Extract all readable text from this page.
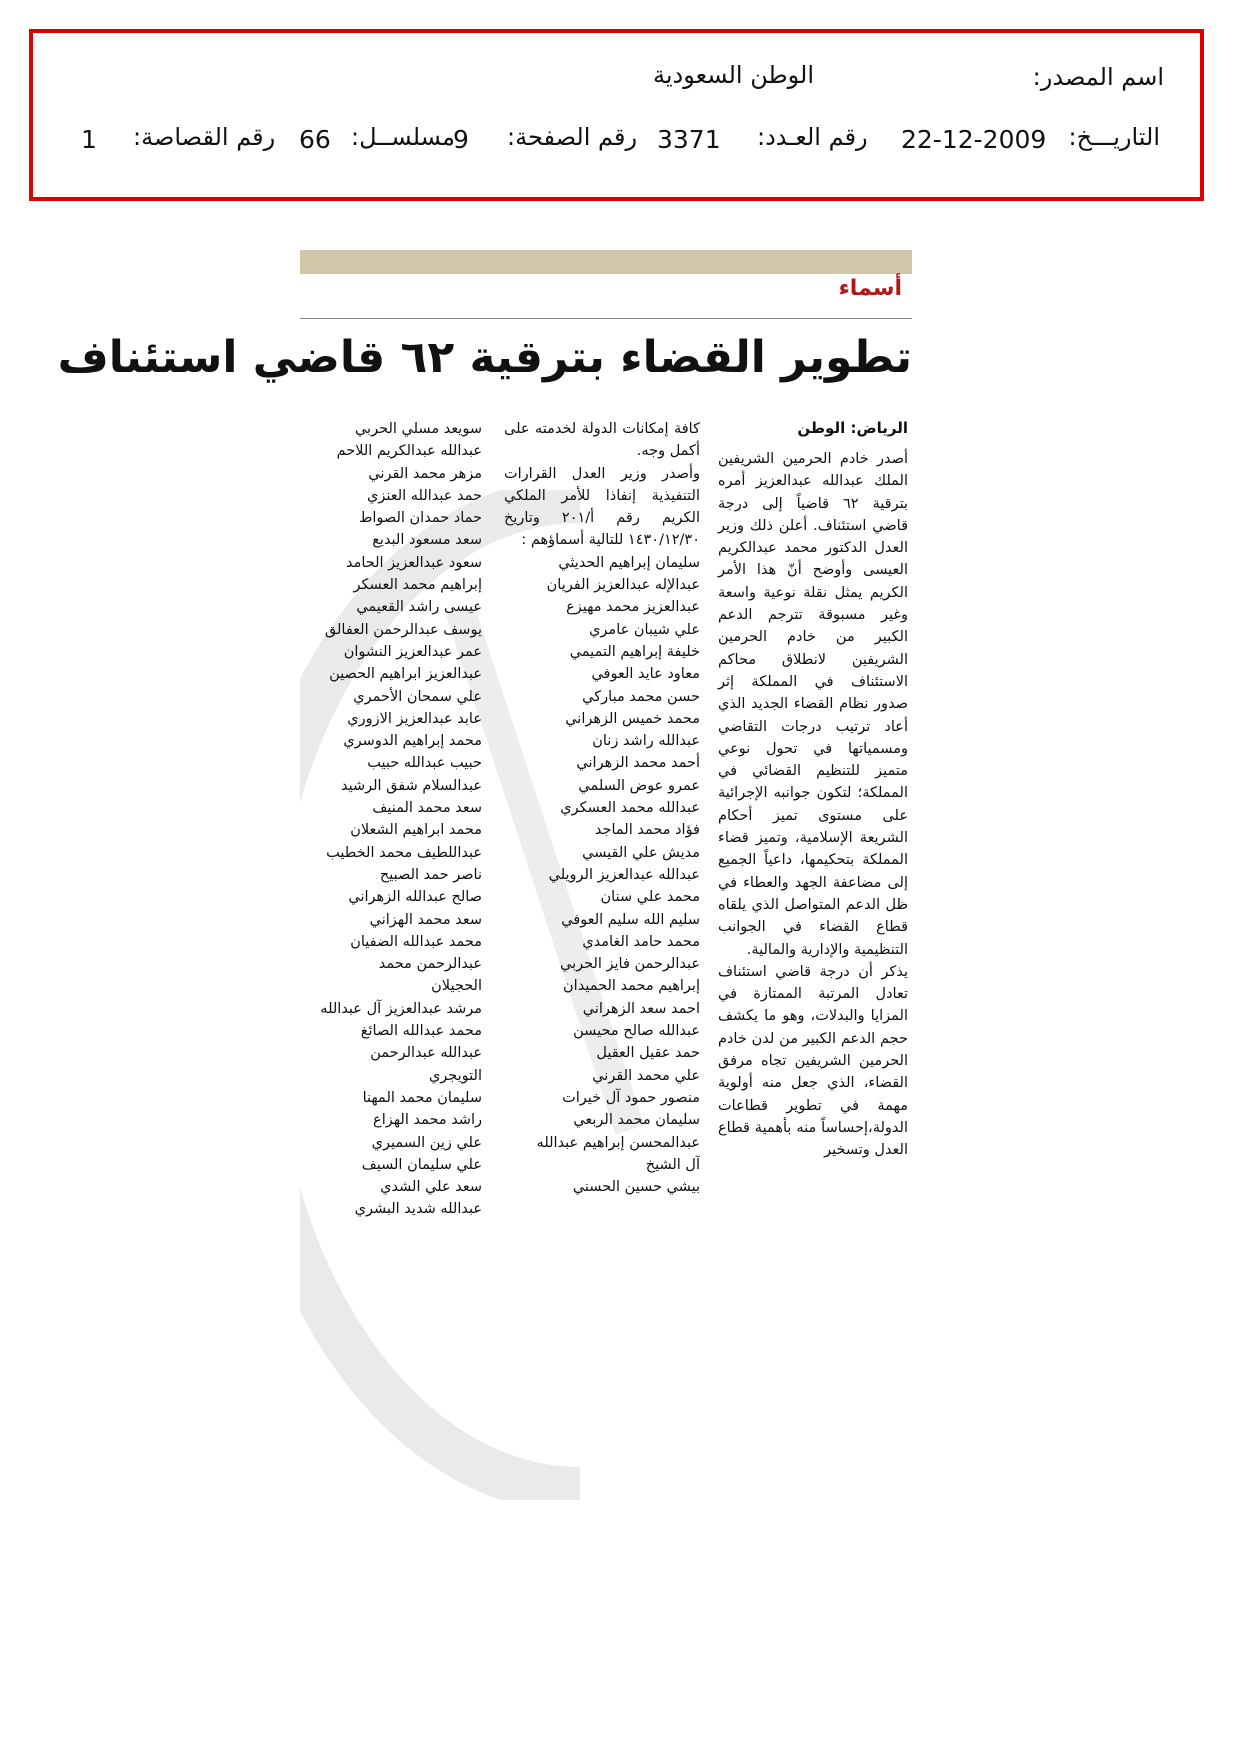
اسم المصدر:
الوطن السعودية
التاريـــخ:
22-12-2009
رقم العـدد:
3371
رقم الصفحة:
9
مسلســل:
66
رقم القصاصة:
1
أسماء
تطوير القضاء بترقية ٦٢ قاضي استئناف
الرياض: الوطن
أصدر خادم الحرمين الشريفين الملك عبدالله عبدالعزيز أمره بترقية ٦٢ قاضياً إلى درجة قاضي استئناف. أعلن ذلك وزير العدل الدكتور محمد عبدالكريم العيسى وأوضح أنّ هذا الأمر الكريم يمثل نقلة نوعية واسعة وغير مسبوقة تترجم الدعم الكبير من خادم الحرمين الشريفين لانطلاق محاكم الاستئناف في المملكة إثر صدور نظام القضاء الجديد الذي أعاد ترتيب درجات التقاضي ومسمياتها في تحول نوعي متميز للتنظيم القضائي في المملكة؛ لتكون جوانبه الإجرائية على مستوى تميز أحكام الشريعة الإسلامية، وتميز قضاء المملكة بتحكيمها، داعياً الجميع إلى مضاعفة الجهد والعطاء في ظل الدعم المتواصل الذي يلقاه قطاع القضاء في الجوانب التنظيمية والإدارية والمالية.
يذكر أن درجة قاضي استئناف تعادل المرتبة الممتازة في المزايا والبدلات، وهو ما يكشف حجم الدعم الكبير من لدن خادم الحرمين الشريفين تجاه مرفق القضاء، الذي جعل منه أولوية مهمة في تطوير قطاعات الدولة،إحساساً منه بأهمية قطاع العدل وتسخير
كافة إمكانات الدولة لخدمته على أكمل وجه.
وأصدر وزير العدل القرارات التنفيذية إنفاذا للأمر الملكي الكريم رقم أ/٢٠١ وتاريخ ١٤٣٠/١٢/٣٠ للتالية أسماؤهم :
سليمان إبراهيم الحديثي
عبدالإله عبدالعزيز الفريان
عبدالعزيز محمد مهيزع
علي شيبان عامري
خليفة إبراهيم التميمي
معاود عايد العوفي
حسن محمد مباركي
محمد خميس الزهراني
عبدالله راشد زنان
أحمد محمد الزهراني
عمرو عوض السلمي
عبدالله محمد العسكري
فؤاد محمد الماجد
مديش علي القيسي
عبدالله عبدالعزيز الرويلي
محمد علي سنان
سليم الله سليم العوفي
محمد حامد الغامدي
عبدالرحمن فايز الحربي
إبراهيم محمد الحميدان
احمد سعد الزهراني
عبدالله صالح محيسن
حمد عقيل العقيل
علي محمد القرني
منصور حمود آل خيرات
سليمان محمد الربعي
عبدالمحسن إبراهيم عبدالله
آل الشيخ
بيشي حسين الحسني
سويعد مسلي الحربي
عبدالله عبدالكريم اللاحم
مزهر محمد القرني
حمد عبدالله العنزي
حماد حمدان الصواط
سعد مسعود البديع
سعود عبدالعزيز الحامد
إبراهيم محمد العسكر
عيسى راشد القعيمي
يوسف عبدالرحمن العفالق
عمر عبدالعزيز النشوان
عبدالعزيز ابراهيم الحصين
علي سمحان الأحمري
عابد عبدالعزيز الازوري
محمد إبراهيم الدوسري
حبيب عبدالله حبيب
عبدالسلام شفق الرشيد
سعد محمد المنيف
محمد ابراهيم الشعلان
عبداللطيف محمد الخطيب
ناصر حمد الصبيح
صالح عبدالله الزهراني
سعد محمد الهزاني
محمد عبدالله الضفيان
عبدالرحمن محمد
الحجيلان
مرشد عبدالعزيز آل عبدالله
محمد عبدالله الصائغ
عبدالله عبدالرحمن
التويجري
سليمان محمد المهنا
راشد محمد الهزاع
علي زين السميري
علي سليمان السيف
سعد علي الشدي
عبدالله شديد البشري
